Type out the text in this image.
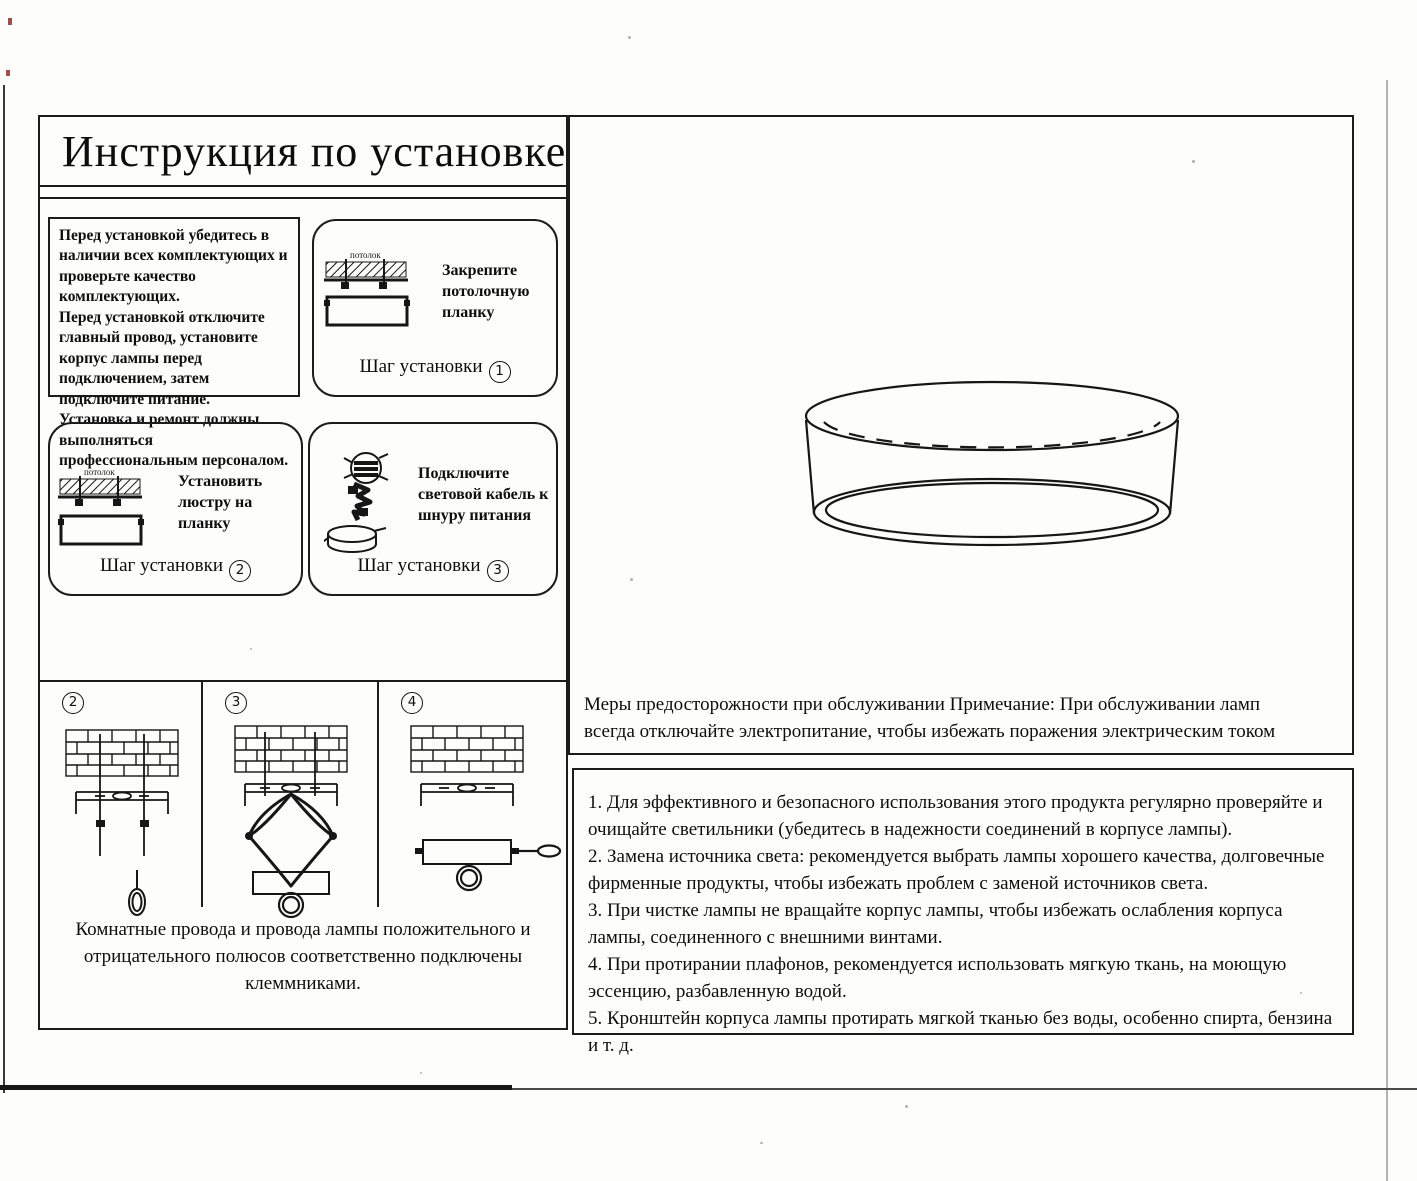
Инструкция по установке
Перед установкой убедитесь в наличии всех комплектующих и проверьте качество комплектующих.
Перед установкой отключите главный провод, установите корпус лампы перед подключением, затем подключите питание.
Установка и ремонт должны выполняться профессиональным персоналом.
потолок
Закрепите потолочную планку
Шаг установки 1
потолок
Установить люстру на планку
Шаг установки 2
Подключите световой кабель к шнуру питания
Шаг установки 3
2	3	4
Комнатные провода и провода лампы положительного и отрицательного полюсов соответственно подключены клеммниками.
Меры предосторожности при обслуживании Примечание: При обслуживании ламп всегда отключайте электропитание, чтобы избежать поражения электрическим током
1. Для эффективного и безопасного использования этого продукта регулярно проверяйте и очищайте светильники (убедитесь в надежности соединений в корпусе лампы).
2. Замена источника света: рекомендуется выбрать лампы хорошего качества, долговечные фирменные продукты, чтобы избежать проблем с заменой источников света.
3. При чистке лампы не вращайте корпус лампы, чтобы избежать ослабления корпуса лампы, соединенного с внешними винтами.
4. При протирании плафонов, рекомендуется использовать мягкую ткань, на моющую эссенцию, разбавленную водой.
5. Кронштейн корпуса лампы протирать мягкой тканью без воды, особенно спирта, бензина и т. д.
